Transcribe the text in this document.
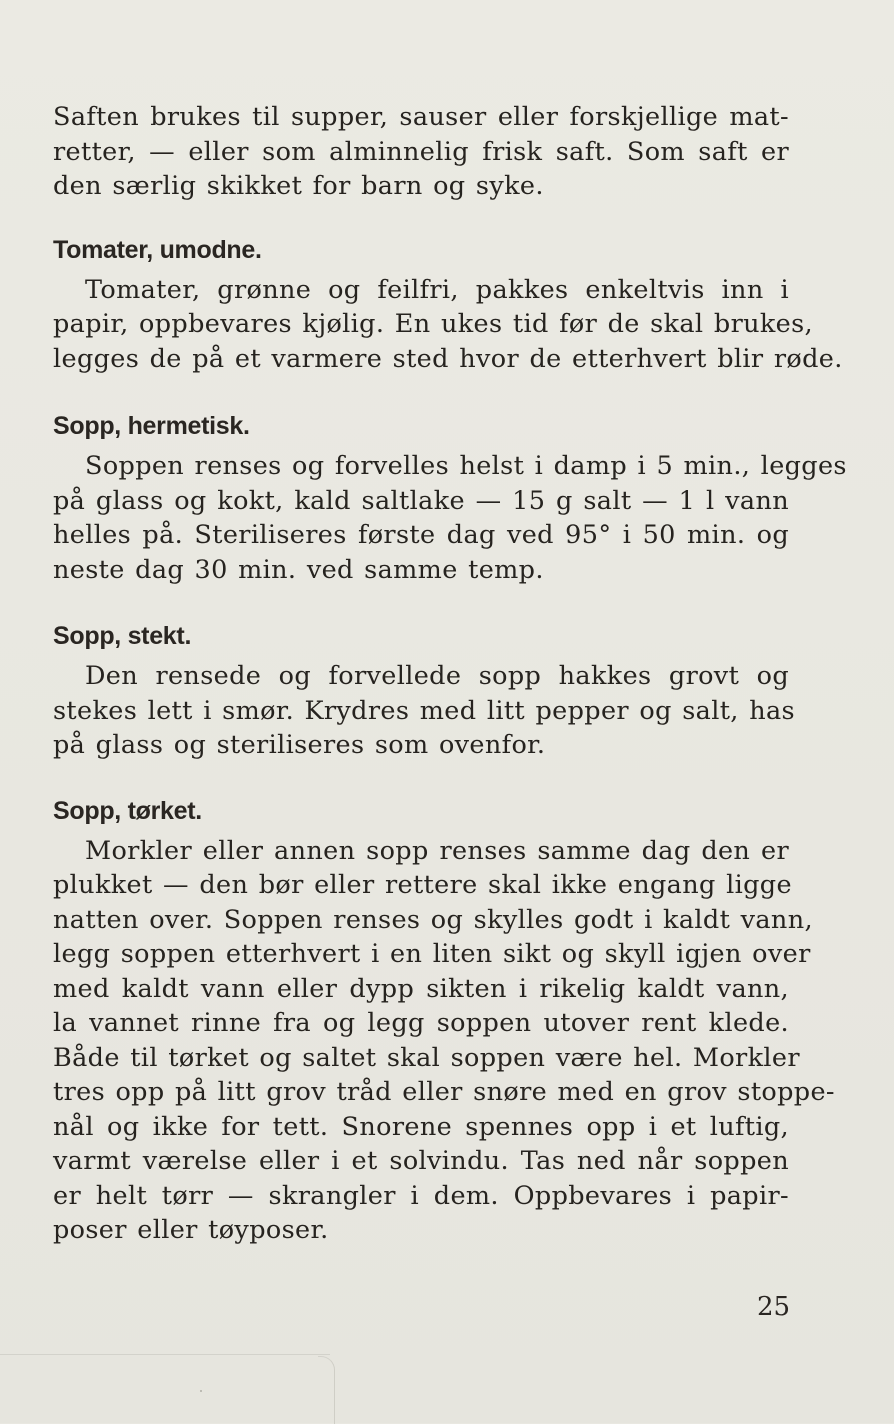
Saften brukes til supper, sauser eller forskjellige mat-
retter, — eller som alminnelig frisk saft. Som saft er
den særlig skikket for barn og syke.

Tomater, umodne.

Tomater, grønne og feilfri, pakkes enkeltvis inn i
papir, oppbevares kjølig. En ukes tid før de skal brukes,
legges de på et varmere sted hvor de etterhvert blir røde.

Sopp, hermetisk.

Soppen renses og forvelles helst i damp i 5 min., legges
på glass og kokt, kald saltlake — 15 g salt — 1 l vann
helles på. Steriliseres første dag ved 95° i 50 min. og
neste dag 30 min. ved samme temp.

Sopp, stekt.

Den rensede og forvellede sopp hakkes grovt og
stekes lett i smør. Krydres med litt pepper og salt, has
på glass og steriliseres som ovenfor.

Sopp, tørket.

Morkler eller annen sopp renses samme dag den er
plukket — den bør eller rettere skal ikke engang ligge
natten over. Soppen renses og skylles godt i kaldt vann,
legg soppen etterhvert i en liten sikt og skyll igjen over
med kaldt vann eller dypp sikten i rikelig kaldt vann,
la vannet rinne fra og legg soppen utover rent klede.
Både til tørket og saltet skal soppen være hel. Morkler
tres opp på litt grov tråd eller snøre med en grov stoppe-
nål og ikke for tett. Snorene spennes opp i et luftig,
varmt værelse eller i et solvindu. Tas ned når soppen
er helt tørr — skrangler i dem. Oppbevares i papir-
poser eller tøyposer.

25
